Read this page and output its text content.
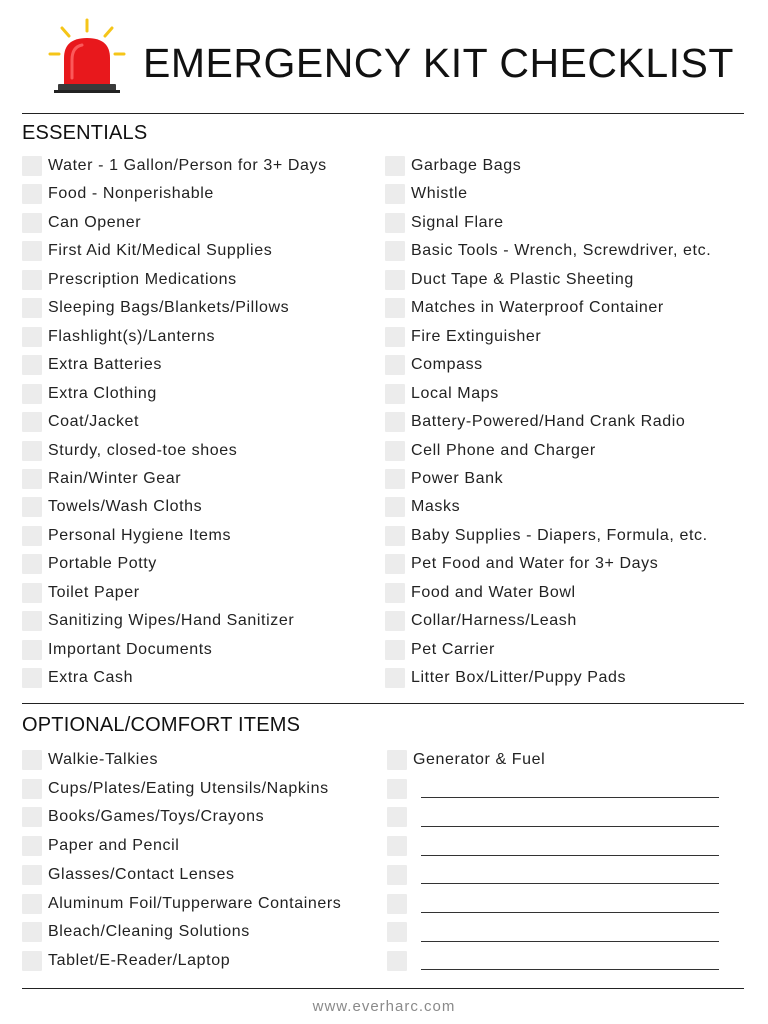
EMERGENCY KIT CHECKLIST
ESSENTIALS
Water - 1 Gallon/Person for 3+ Days
Food - Nonperishable
Can Opener
First Aid Kit/Medical Supplies
Prescription Medications
Sleeping Bags/Blankets/Pillows
Flashlight(s)/Lanterns
Extra Batteries
Extra Clothing
Coat/Jacket
Sturdy, closed-toe shoes
Rain/Winter Gear
Towels/Wash Cloths
Personal Hygiene Items
Portable Potty
Toilet Paper
Sanitizing Wipes/Hand Sanitizer
Important Documents
Extra Cash
Garbage Bags
Whistle
Signal Flare
Basic Tools - Wrench, Screwdriver, etc.
Duct Tape & Plastic Sheeting
Matches in Waterproof Container
Fire Extinguisher
Compass
Local Maps
Battery-Powered/Hand Crank Radio
Cell Phone and Charger
Power Bank
Masks
Baby Supplies - Diapers, Formula, etc.
Pet Food and Water for 3+ Days
Food and Water Bowl
Collar/Harness/Leash
Pet Carrier
Litter Box/Litter/Puppy Pads
OPTIONAL/COMFORT ITEMS
Walkie-Talkies
Cups/Plates/Eating Utensils/Napkins
Books/Games/Toys/Crayons
Paper and Pencil
Glasses/Contact Lenses
Aluminum Foil/Tupperware Containers
Bleach/Cleaning Solutions
Tablet/E-Reader/Laptop
Generator & Fuel
www.everharc.com
